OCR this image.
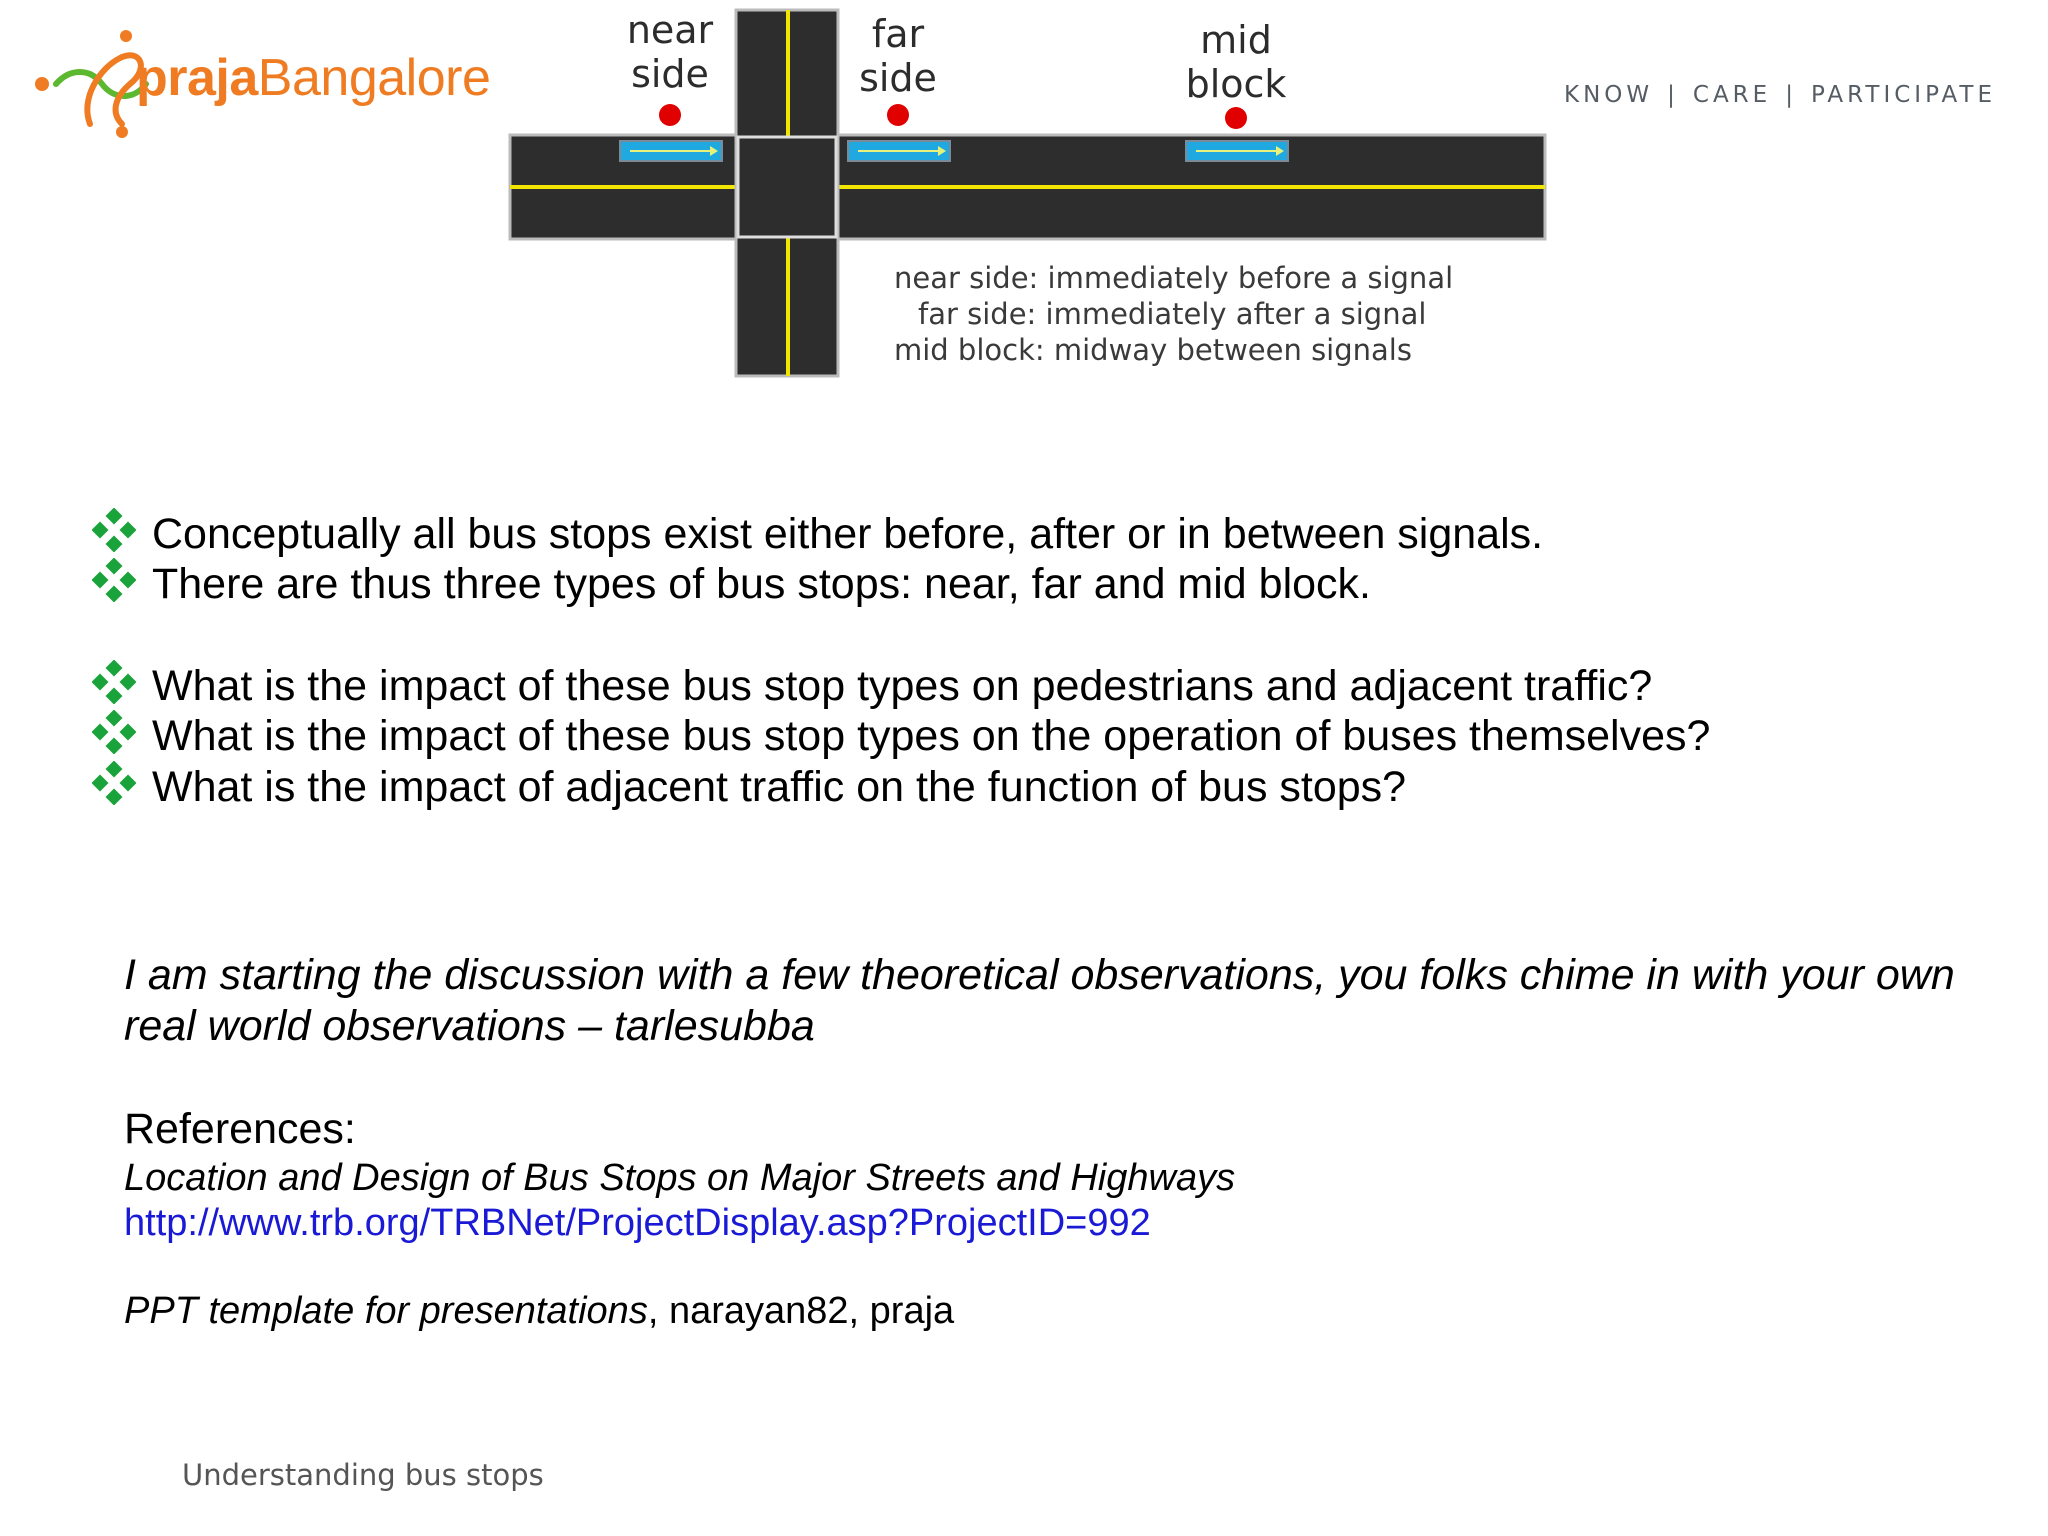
prajaBangalore	KNOW | CARE | PARTICIPATE
near
side
far
side
mid
block
near side: immediately before a signal
far side: immediately after a signal
mid block: midway between signals
Conceptually all bus stops exist either before, after or in between signals.
There are thus three types of bus stops: near, far and mid block.
What is the impact of these bus stop types on pedestrians and adjacent traffic?
What is the impact of these bus stop types on the operation of buses themselves?
What is the impact of adjacent traffic on the function of bus stops?
I am starting the discussion with a few theoretical observations, you folks chime in with your own real world observations – tarlesubba
References:
Location and Design of Bus Stops on Major Streets and Highways
http://www.trb.org/TRBNet/ProjectDisplay.asp?ProjectID=992
PPT template for presentations, narayan82, praja
Understanding bus stops
